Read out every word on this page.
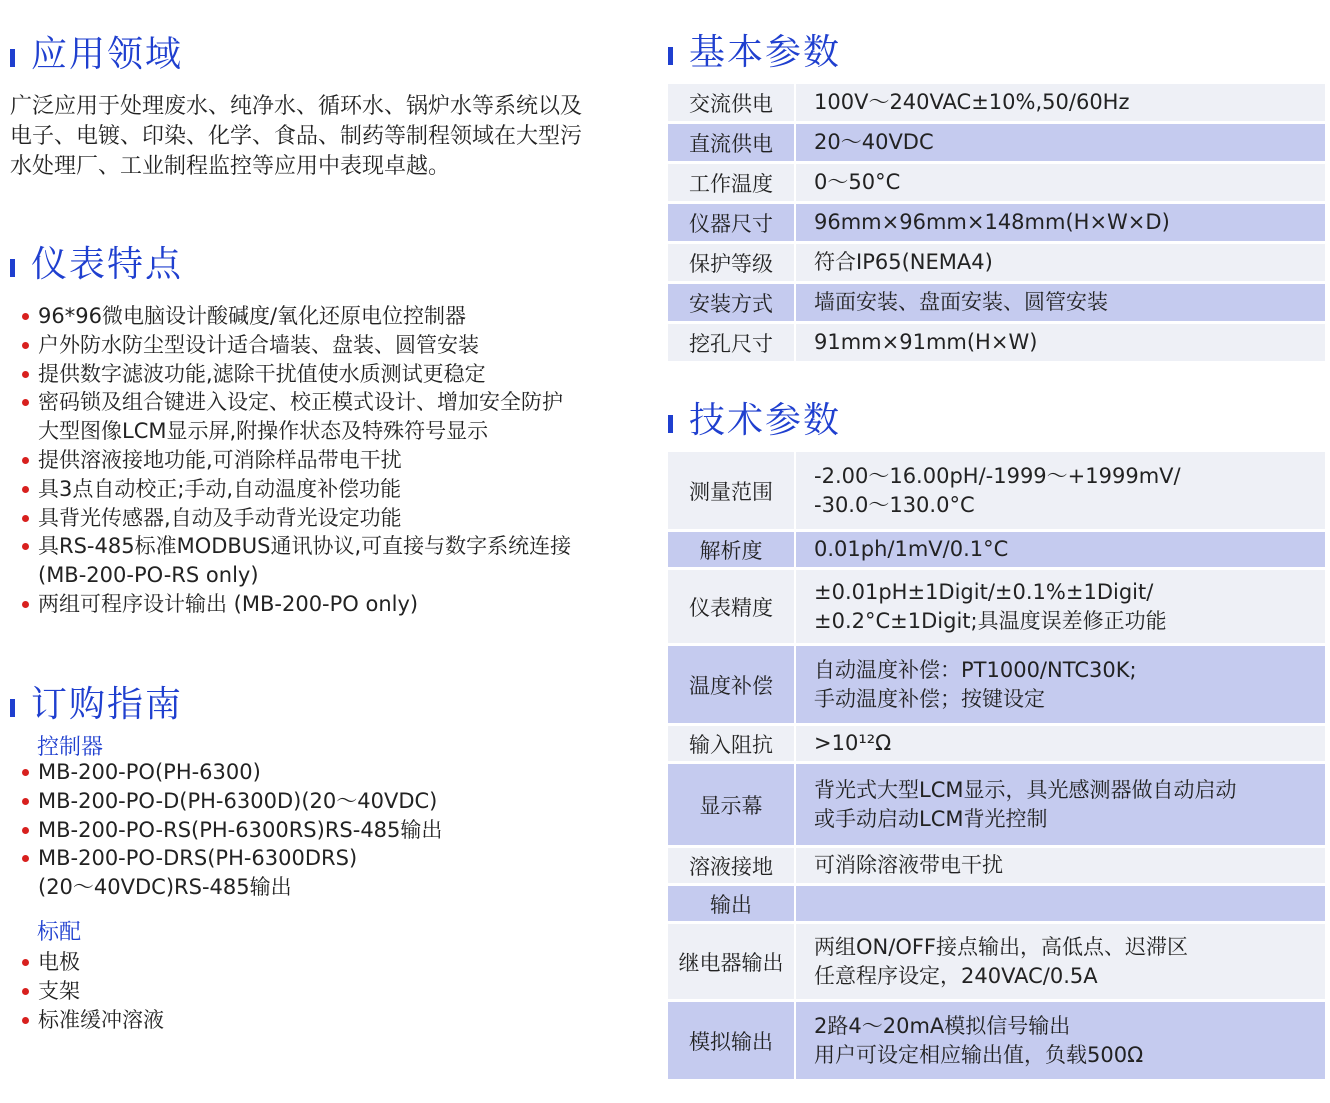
应用领域
广泛应用于处理废水、纯净水、循环水、锅炉水等系统以及
电子、电镀、印染、化学、食品、制药等制程领域在大型污
水处理厂、工业制程监控等应用中表现卓越。
仪表特点
96*96微电脑设计酸碱度/氧化还原电位控制器
户外防水防尘型设计适合墙装、盘装、圆管安装
提供数字滤波功能,滤除干扰值使水质测试更稳定
密码锁及组合键进入设定、校正模式设计、增加安全防护
大型图像LCM显示屏,附操作状态及特殊符号显示
提供溶液接地功能,可消除样品带电干扰
具3点自动校正;手动,自动温度补偿功能
具背光传感器,自动及手动背光设定功能
具RS-485标准MODBUS通讯协议,可直接与数字系统连接
(MB-200-PO-RS only)
两组可程序设计输出 (MB-200-PO only)
订购指南
控制器
MB-200-PO(PH-6300)
MB-200-PO-D(PH-6300D)(20～40VDC)
MB-200-PO-RS(PH-6300RS)RS-485输出
MB-200-PO-DRS(PH-6300DRS)
(20～40VDC)RS-485输出
标配
电极
支架
标准缓冲溶液
基本参数
交流供电	100V～240VAC±10%,50/60Hz

直流供电	20～40VDC

工作温度	0～50°C

仪器尺寸	96mm×96mm×148mm(H×W×D)

保护等级	符合IP65(NEMA4)

安装方式	墙面安装、盘面安装、圆管安装

挖孔尺寸	91mm×91mm(H×W)
技术参数
测量范围	-2.00～16.00pH/-1999～+1999mV/
-30.0～130.0°C

解析度	0.01ph/1mV/0.1°C

仪表精度	±0.01pH±1Digit/±0.1%±1Digit/
±0.2°C±1Digit;具温度误差修正功能

温度补偿	自动温度补偿：PT1000/NTC30K;
手动温度补偿；按键设定

输入阻抗	>10¹²Ω

显示幕	背光式大型LCM显示，具光感测器做自动启动
或手动启动LCM背光控制

溶液接地	可消除溶液带电干扰

输出	

继电器输出	两组ON/OFF接点输出，高低点、迟滞区
任意程序设定，240VAC/0.5A

模拟输出	2路4～20mA模拟信号输出
用户可设定相应输出值，负载500Ω
